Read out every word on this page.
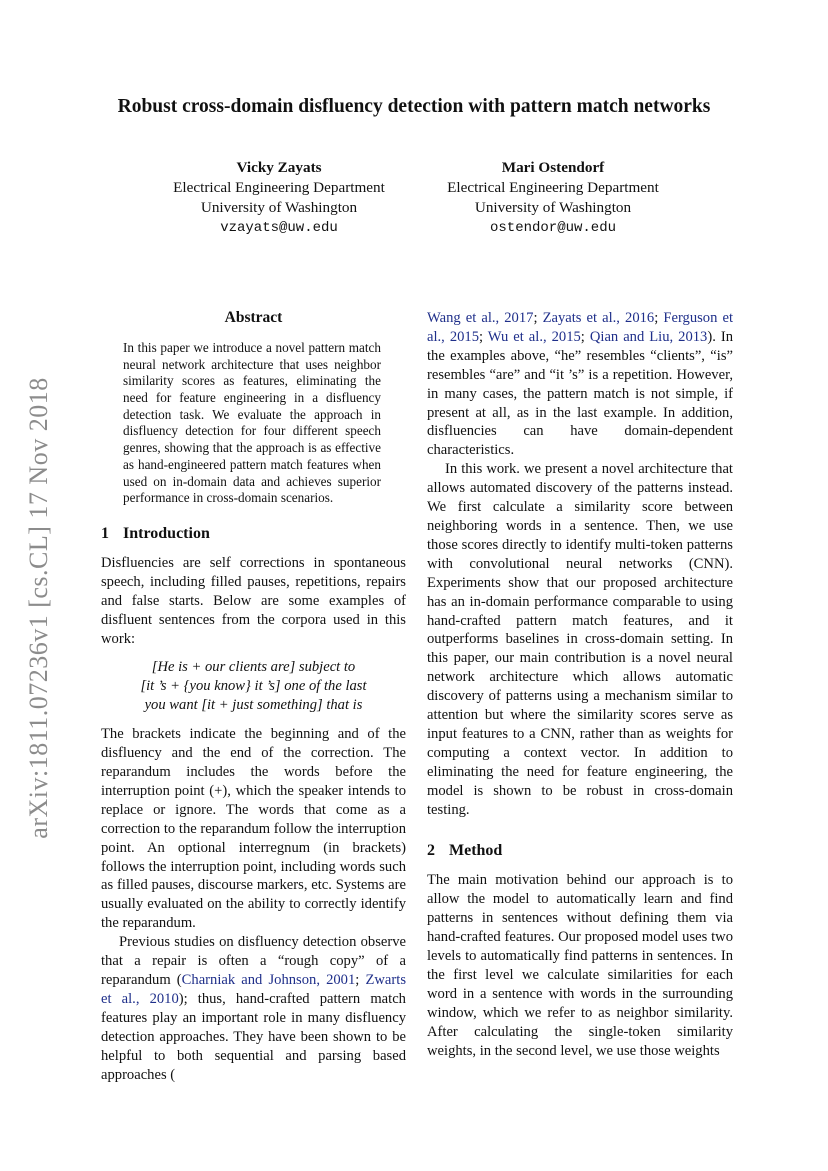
Robust cross-domain disfluency detection with pattern match networks
Vicky Zayats
Electrical Engineering Department
University of Washington
vzayats@uw.edu
Mari Ostendorf
Electrical Engineering Department
University of Washington
ostendor@uw.edu
arXiv:1811.07236v1 [cs.CL] 17 Nov 2018
Abstract

In this paper we introduce a novel pattern match neural network architecture that uses neighbor similarity scores as features, eliminating the need for feature engineering in a disfluency detection task. We evaluate the approach in disfluency detection for four different speech genres, showing that the approach is as effective as hand-engineered pattern match features when used on in-domain data and achieves superior performance in cross-domain scenarios.

1 Introduction

Disfluencies are self corrections in spontaneous speech, including filled pauses, repetitions, repairs and false starts. Below are some examples of disfluent sentences from the corpora used in this work:

[He is + our clients are] subject to
[it ’s + {you know} it ’s] one of the last
you want [it + just something] that is

The brackets indicate the beginning and of the disfluency and the end of the correction. The reparandum includes the words before the interruption point (+), which the speaker intends to replace or ignore. The words that come as a correction to the reparandum follow the interruption point. An optional interregnum (in brackets) follows the interruption point, including words such as filled pauses, discourse markers, etc. Systems are usually evaluated on the ability to correctly identify the reparandum.

Previous studies on disfluency detection observe that a repair is often a “rough copy” of a reparandum (Charniak and Johnson, 2001; Zwarts et al., 2010); thus, hand-crafted pattern match features play an important role in many disfluency detection approaches. They have been shown to be helpful to both sequential and parsing based approaches (

Wang et al., 2017; Zayats et al., 2016; Ferguson et al., 2015; Wu et al., 2015; Qian and Liu, 2013). In the examples above, “he” resembles “clients”, “is” resembles “are” and “it ’s” is a repetition. However, in many cases, the pattern match is not simple, if present at all, as in the last example. In addition, disfluencies can have domain-dependent characteristics.

In this work. we present a novel architecture that allows automated discovery of the patterns instead. We first calculate a similarity score between neighboring words in a sentence. Then, we use those scores directly to identify multi-token patterns with convolutional neural networks (CNN). Experiments show that our proposed architecture has an in-domain performance comparable to using hand-crafted pattern match features, and it outperforms baselines in cross-domain setting. In this paper, our main contribution is a novel neural network architecture which allows automatic discovery of patterns using a mechanism similar to attention but where the similarity scores serve as input features to a CNN, rather than as weights for computing a context vector. In addition to eliminating the need for feature engineering, the model is shown to be robust in cross-domain testing.

2 Method

The main motivation behind our approach is to allow the model to automatically learn and find patterns in sentences without defining them via hand-crafted features. Our proposed model uses two levels to automatically find patterns in sentences. In the first level we calculate similarities for each word in a sentence with words in the surrounding window, which we refer to as neighbor similarity. After calculating the single-token similarity weights, in the second level, we use those weights
